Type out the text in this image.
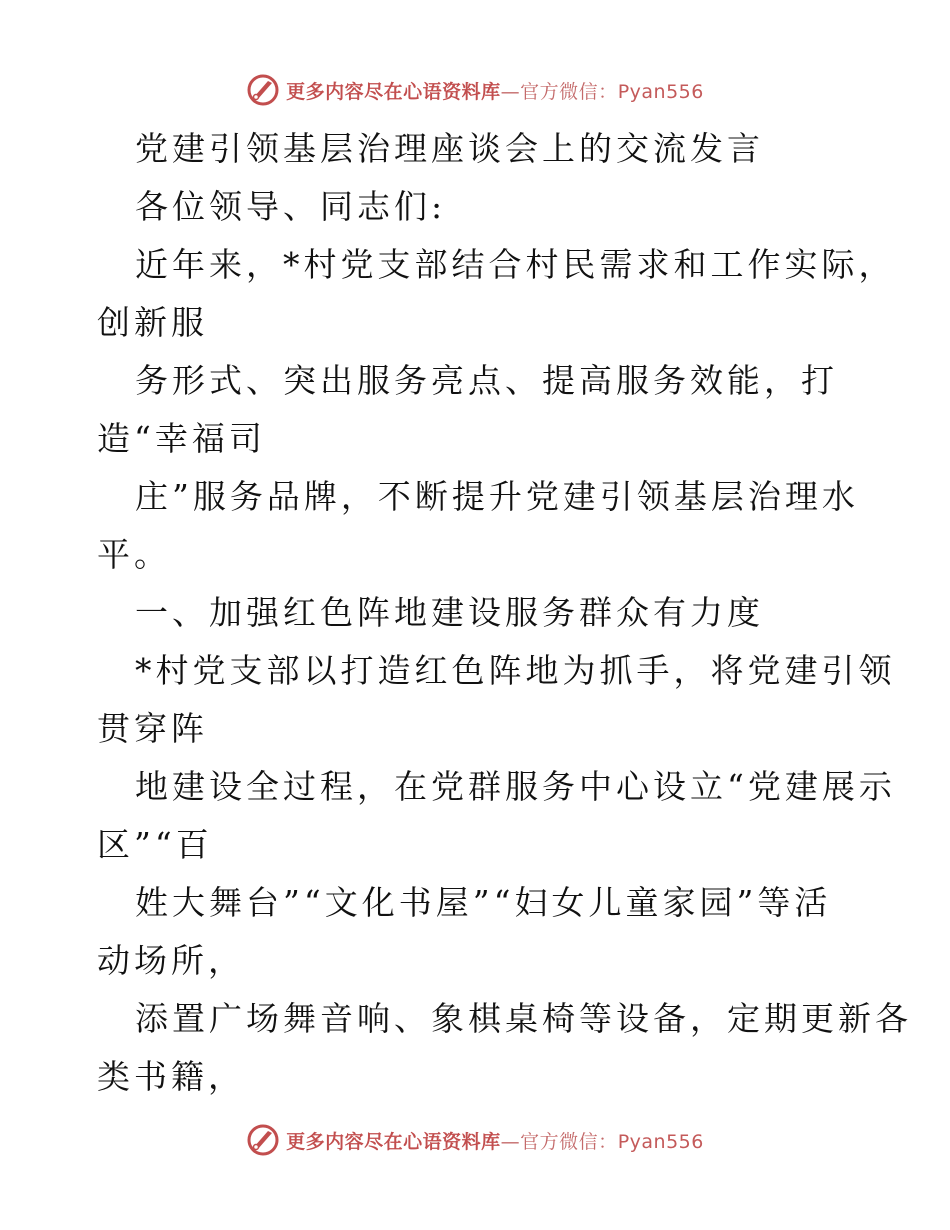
更多内容尽在心语资料库—官方微信：Pyan556
党建引领基层治理座谈会上的交流发言
各位领导、同志们:
近年来，*村党支部结合村民需求和工作实际，
创新服
务形式、突出服务亮点、提高服务效能，打
造“幸福司
庄”服务品牌，不断提升党建引领基层治理水
平。
一、加强红色阵地建设服务群众有力度
*村党支部以打造红色阵地为抓手，将党建引领
贯穿阵
地建设全过程，在党群服务中心设立“党建展示
区”“百
姓大舞台”“文化书屋”“妇女儿童家园”等活
动场所，
添置广场舞音响、象棋桌椅等设备，定期更新各
类书籍，
更多内容尽在心语资料库—官方微信：Pyan556
